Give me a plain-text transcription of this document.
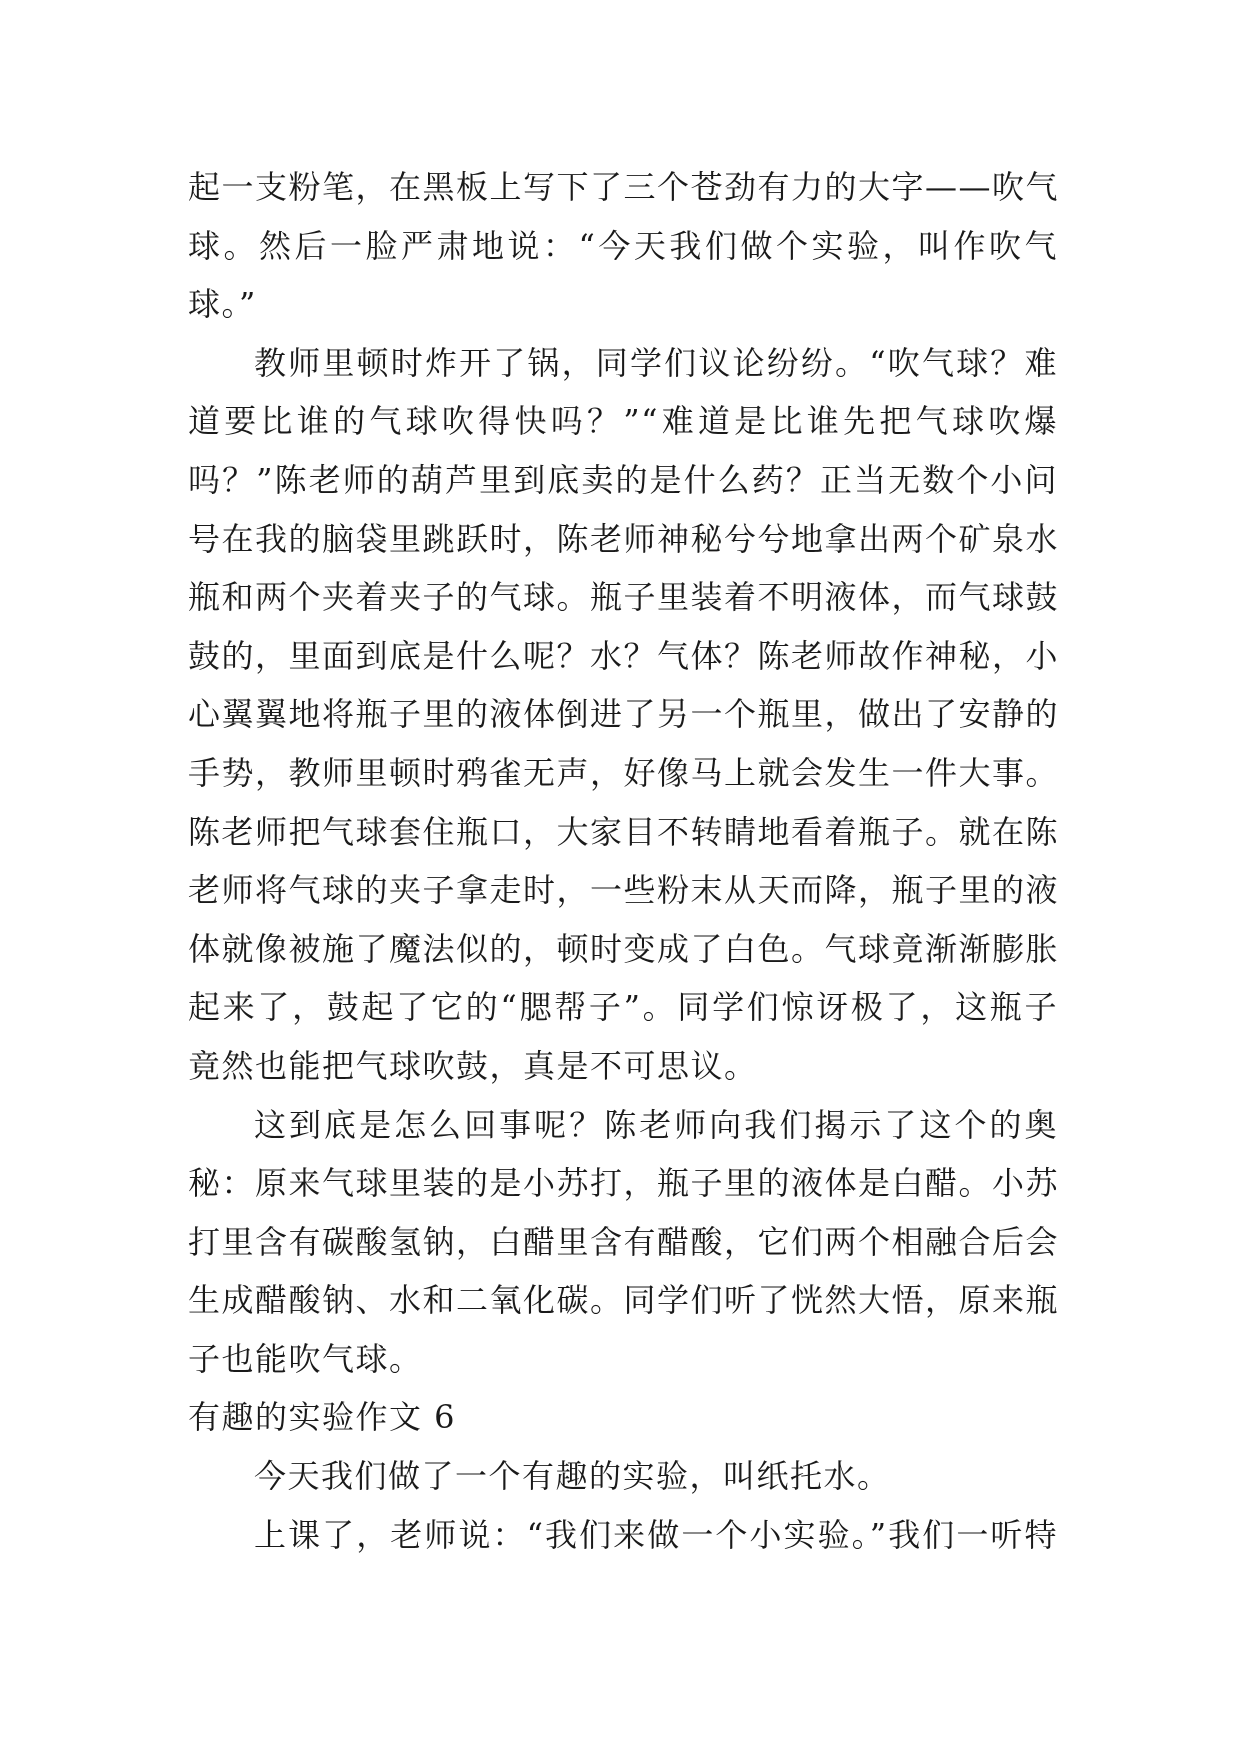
起一支粉笔，在黑板上写下了三个苍劲有力的大字——吹气
球。然后一脸严肃地说：“今天我们做个实验，叫作吹气
球。”
教师里顿时炸开了锅，同学们议论纷纷。“吹气球？难
道要比谁的气球吹得快吗？”“难道是比谁先把气球吹爆
吗？”陈老师的葫芦里到底卖的是什么药？正当无数个小问
号在我的脑袋里跳跃时，陈老师神秘兮兮地拿出两个矿泉水
瓶和两个夹着夹子的气球。瓶子里装着不明液体，而气球鼓
鼓的，里面到底是什么呢？水？气体？陈老师故作神秘，小
心翼翼地将瓶子里的液体倒进了另一个瓶里，做出了安静的
手势，教师里顿时鸦雀无声，好像马上就会发生一件大事。
陈老师把气球套住瓶口，大家目不转睛地看着瓶子。就在陈
老师将气球的夹子拿走时，一些粉末从天而降，瓶子里的液
体就像被施了魔法似的，顿时变成了白色。气球竟渐渐膨胀
起来了，鼓起了它的“腮帮子”。同学们惊讶极了，这瓶子
竟然也能把气球吹鼓，真是不可思议。
这到底是怎么回事呢？陈老师向我们揭示了这个的奥
秘：原来气球里装的是小苏打，瓶子里的液体是白醋。小苏
打里含有碳酸氢钠，白醋里含有醋酸，它们两个相融合后会
生成醋酸钠、水和二氧化碳。同学们听了恍然大悟，原来瓶
子也能吹气球。
有趣的实验作文 6
今天我们做了一个有趣的实验，叫纸托水。
上课了，老师说：“我们来做一个小实验。”我们一听特
